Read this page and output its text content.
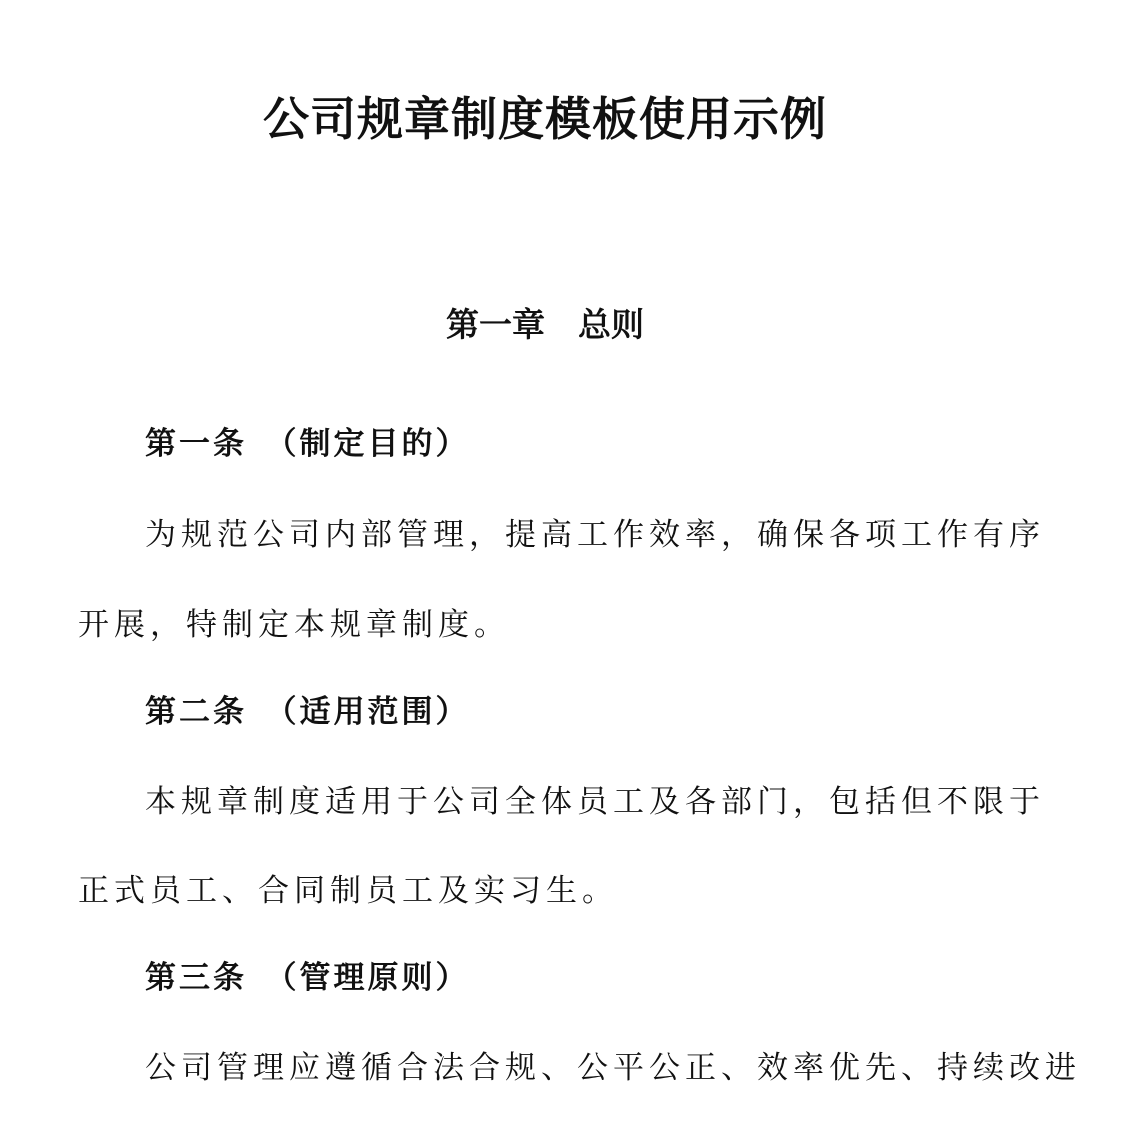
公司规章制度模板使用示例
第一章　总则
第一条　（制定目的）

为规范公司内部管理，提高工作效率，确保各项工作有序

开展，特制定本规章制度。

第二条　（适用范围）

本规章制度适用于公司全体员工及各部门，包括但不限于

正式员工、合同制员工及实习生。

第三条　（管理原则）

公司管理应遵循合法合规、公平公正、效率优先、持续改进
